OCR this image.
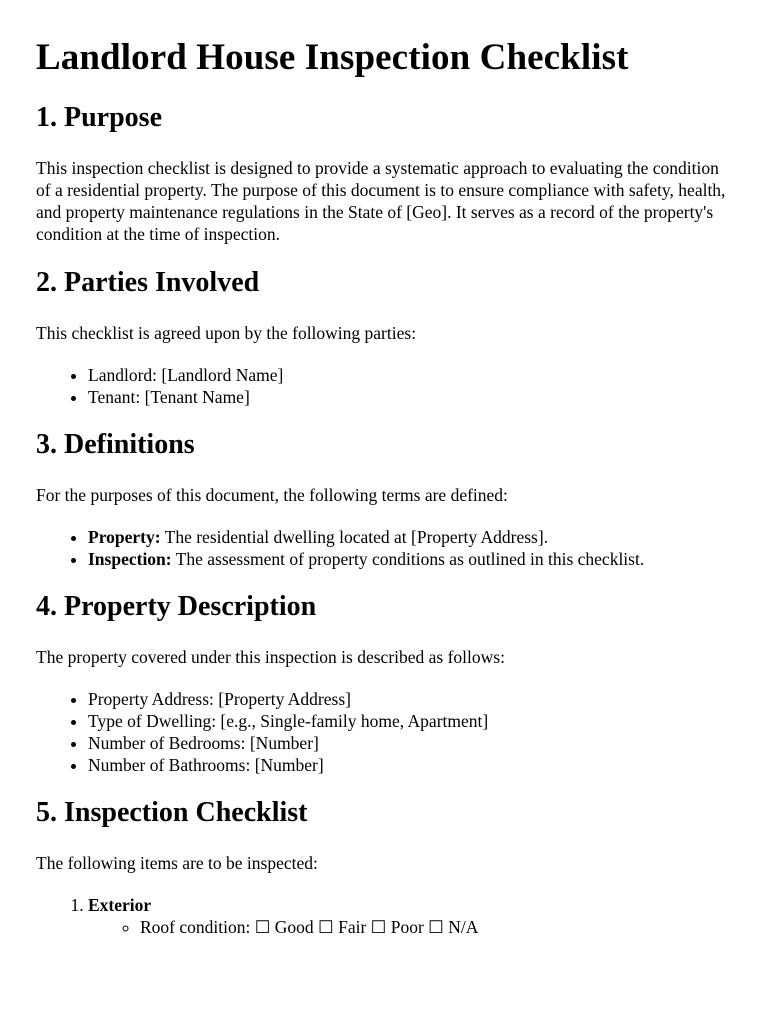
Landlord House Inspection Checklist
1. Purpose

This inspection checklist is designed to provide a systematic approach to evaluating the condition of a residential property. The purpose of this document is to ensure compliance with safety, health, and property maintenance regulations in the State of [Geo]. It serves as a record of the property's condition at the time of inspection.

2. Parties Involved

This checklist is agreed upon by the following parties:

• Landlord: [Landlord Name]
• Tenant: [Tenant Name]
3. Definitions

For the purposes of this document, the following terms are defined:

• Property: The residential dwelling located at [Property Address].
• Inspection: The assessment of property conditions as outlined in this checklist.
4. Property Description

The property covered under this inspection is described as follows:

• Property Address: [Property Address]
• Type of Dwelling: [e.g., Single-family home, Apartment]
• Number of Bedrooms: [Number]
• Number of Bathrooms: [Number]
5. Inspection Checklist

The following items are to be inspected:

1. Exterior
◦ Roof condition: ☐ Good ☐ Fair ☐ Poor ☐ N/A
